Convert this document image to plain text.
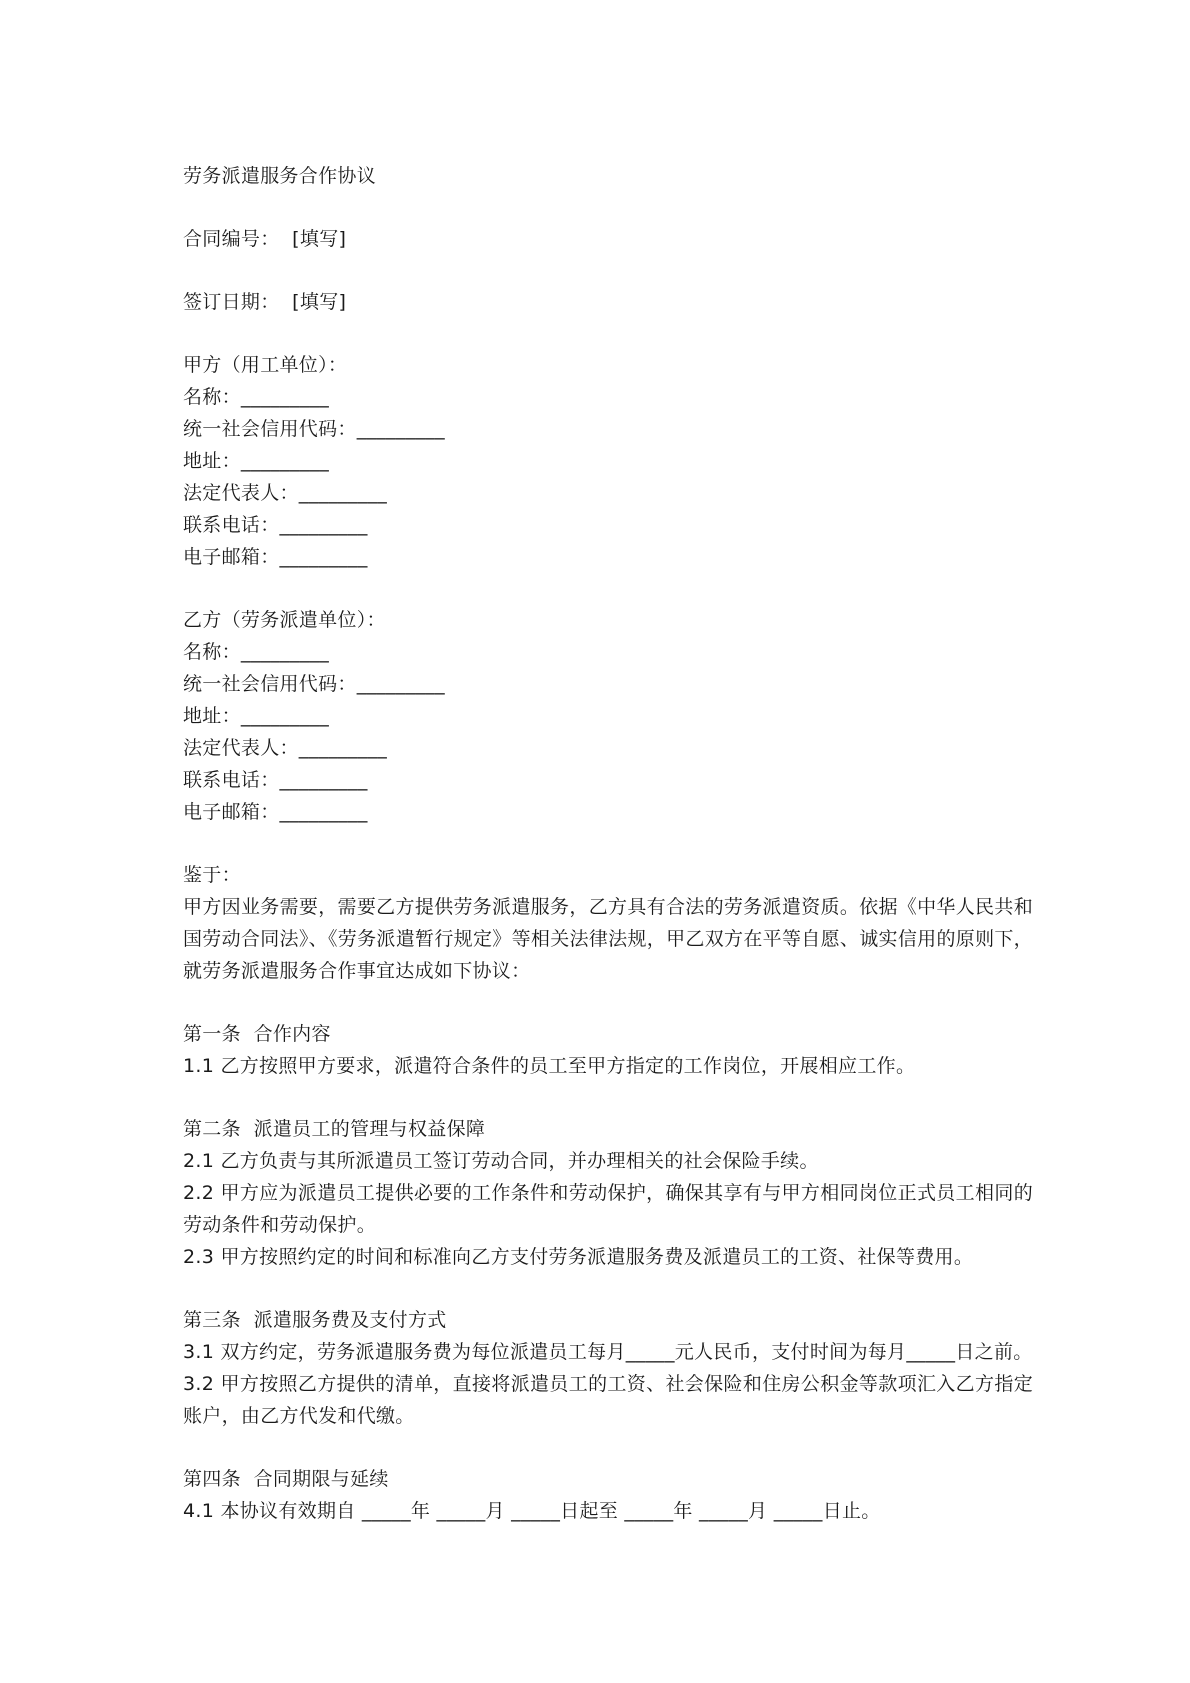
劳务派遣服务合作协议
合同编号：  [填写]
签订日期：  [填写]
甲方（用工单位）：
名称：_________
统一社会信用代码：_________
地址：_________
法定代表人：_________
联系电话：_________
电子邮箱：_________
乙方（劳务派遣单位）：
名称：_________
统一社会信用代码：_________
地址：_________
法定代表人：_________
联系电话：_________
电子邮箱：_________
鉴于：
甲方因业务需要，需要乙方提供劳务派遣服务，乙方具有合法的劳务派遣资质。依据《中华人民共和国劳动合同法》、《劳务派遣暂行规定》等相关法律法规，甲乙双方在平等自愿、诚实信用的原则下，就劳务派遣服务合作事宜达成如下协议：
第一条  合作内容
1.1 乙方按照甲方要求，派遣符合条件的员工至甲方指定的工作岗位，开展相应工作。
第二条  派遣员工的管理与权益保障
2.1 乙方负责与其所派遣员工签订劳动合同，并办理相关的社会保险手续。
2.2 甲方应为派遣员工提供必要的工作条件和劳动保护，确保其享有与甲方相同岗位正式员工相同的劳动条件和劳动保护。
2.3 甲方按照约定的时间和标准向乙方支付劳务派遣服务费及派遣员工的工资、社保等费用。
第三条  派遣服务费及支付方式
3.1 双方约定，劳务派遣服务费为每位派遣员工每月_____元人民币，支付时间为每月_____日之前。
3.2 甲方按照乙方提供的清单，直接将派遣员工的工资、社会保险和住房公积金等款项汇入乙方指定账户，由乙方代发和代缴。
第四条  合同期限与延续
4.1 本协议有效期自 _____年 _____月 _____日起至 _____年 _____月 _____日止。
